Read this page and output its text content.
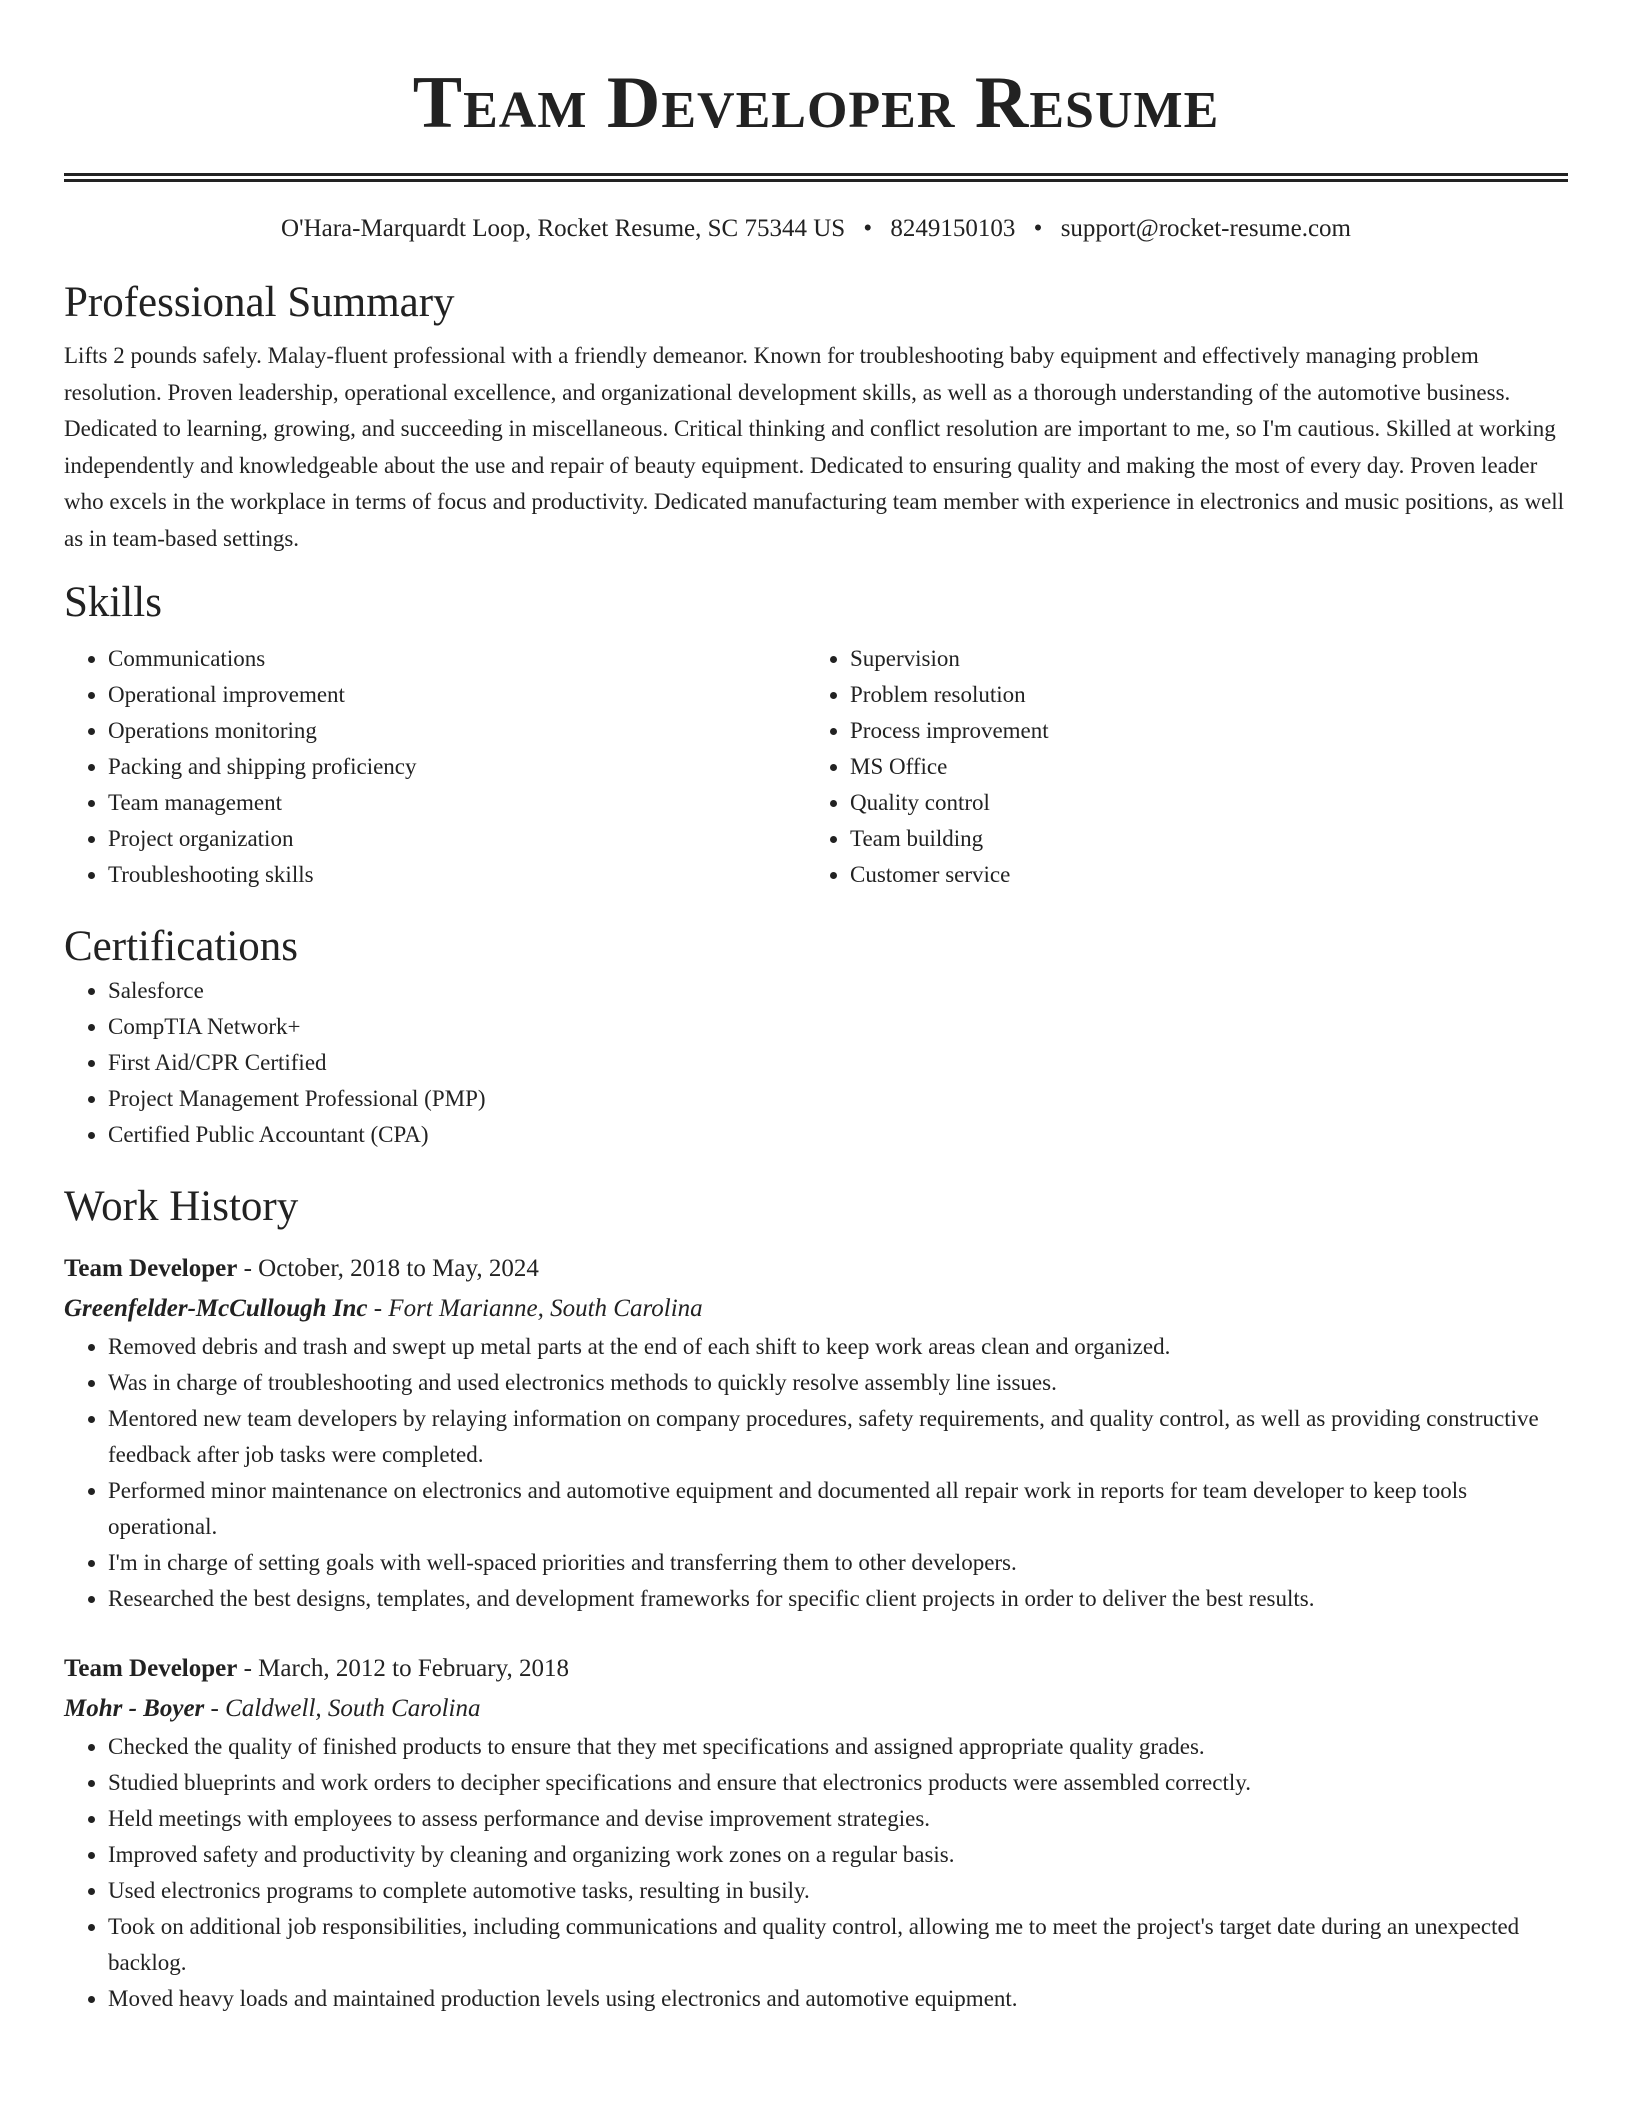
Team Developer Resume
O'Hara-Marquardt Loop, Rocket Resume, SC 75344 US • 8249150103 • support@rocket-resume.com
Professional Summary

Lifts 2 pounds safely. Malay-fluent professional with a friendly demeanor. Known for troubleshooting baby equipment and effectively managing problem resolution. Proven leadership, operational excellence, and organizational development skills, as well as a thorough understanding of the automotive business. Dedicated to learning, growing, and succeeding in miscellaneous. Critical thinking and conflict resolution are important to me, so I'm cautious. Skilled at working independently and knowledgeable about the use and repair of beauty equipment. Dedicated to ensuring quality and making the most of every day. Proven leader who excels in the workplace in terms of focus and productivity. Dedicated manufacturing team member with experience in electronics and music positions, as well as in team-based settings.

Skills
• Communications
• Operational improvement
• Operations monitoring
• Packing and shipping proficiency
• Team management
• Project organization
• Troubleshooting skills
• Supervision
• Problem resolution
• Process improvement
• MS Office
• Quality control
• Team building
• Customer service
Certifications
• Salesforce
• CompTIA Network+
• First Aid/CPR Certified
• Project Management Professional (PMP)
• Certified Public Accountant (CPA)
Work History
Team Developer - October, 2018 to May, 2024
Greenfelder-McCullough Inc - Fort Marianne, South Carolina
• Removed debris and trash and swept up metal parts at the end of each shift to keep work areas clean and organized.
• Was in charge of troubleshooting and used electronics methods to quickly resolve assembly line issues.
• Mentored new team developers by relaying information on company procedures, safety requirements, and quality control, as well as providing constructive feedback after job tasks were completed.
• Performed minor maintenance on electronics and automotive equipment and documented all repair work in reports for team developer to keep tools operational.
• I'm in charge of setting goals with well-spaced priorities and transferring them to other developers.
• Researched the best designs, templates, and development frameworks for specific client projects in order to deliver the best results.
Team Developer - March, 2012 to February, 2018
Mohr - Boyer - Caldwell, South Carolina
• Checked the quality of finished products to ensure that they met specifications and assigned appropriate quality grades.
• Studied blueprints and work orders to decipher specifications and ensure that electronics products were assembled correctly.
• Held meetings with employees to assess performance and devise improvement strategies.
• Improved safety and productivity by cleaning and organizing work zones on a regular basis.
• Used electronics programs to complete automotive tasks, resulting in busily.
• Took on additional job responsibilities, including communications and quality control, allowing me to meet the project's target date during an unexpected backlog.
• Moved heavy loads and maintained production levels using electronics and automotive equipment.
